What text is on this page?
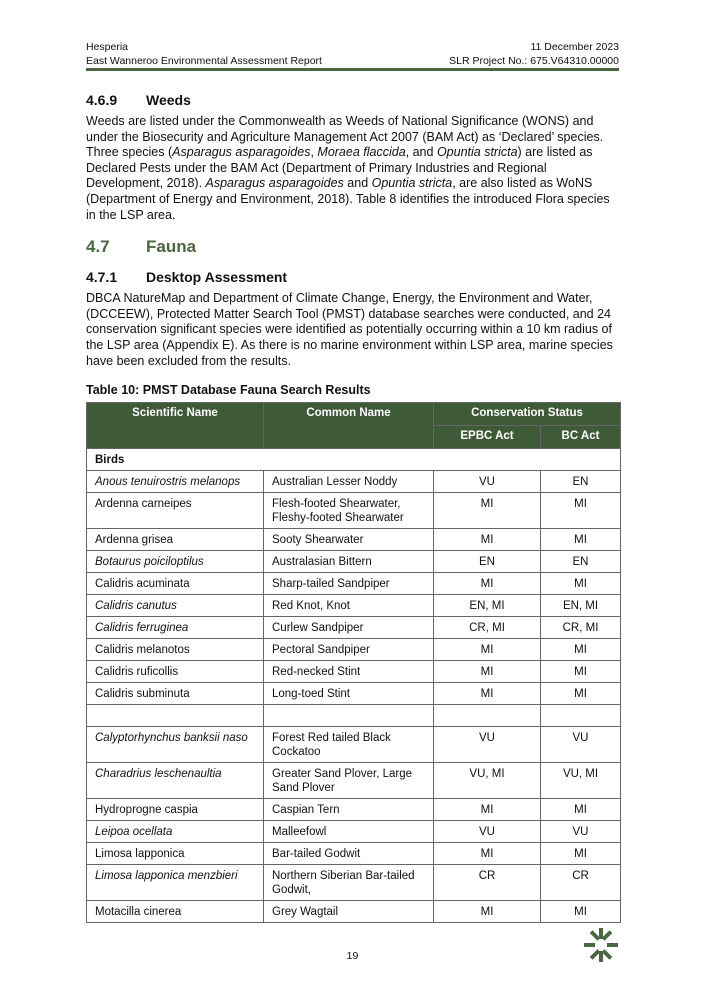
Hesperia	11 December 2023
East Wanneroo Environmental Assessment Report	SLR Project No.: 675.V64310.00000
4.6.9	Weeds

Weeds are listed under the Commonwealth as Weeds of National Significance (WONS) and under the Biosecurity and Agriculture Management Act 2007 (BAM Act) as ‘Declared’ species. Three species (Asparagus asparagoides, Moraea flaccida, and Opuntia stricta) are listed as Declared Pests under the BAM Act (Department of Primary Industries and Regional Development, 2018). Asparagus asparagoides and Opuntia stricta, are also listed as WoNS (Department of Energy and Environment, 2018). Table 8 identifies the introduced Flora species in the LSP area.

4.7	Fauna
4.7.1	Desktop Assessment

DBCA NatureMap and Department of Climate Change, Energy, the Environment and Water, (DCCEEW), Protected Matter Search Tool (PMST) database searches were conducted, and 24 conservation significant species were identified as potentially occurring within a 10 km radius of the LSP area (Appendix E). As there is no marine environment within LSP area, marine species have been excluded from the results.

Table 10: PMST Database Fauna Search Results
Scientific Name	Common Name	Conservation Status	
		EPBC Act	BC Act
Birds			
Anous tenuirostris melanops	Australian Lesser Noddy	VU	EN
Ardenna carneipes	Flesh-footed Shearwater, Fleshy-footed Shearwater	MI	MI
Ardenna grisea	Sooty Shearwater	MI	MI
Botaurus poiciloptilus	Australasian Bittern	EN	EN
Calidris acuminata	Sharp-tailed Sandpiper	MI	MI
Calidris canutus	Red Knot, Knot	EN, MI	EN, MI
Calidris ferruginea	Curlew Sandpiper	CR, MI	CR, MI
Calidris melanotos	Pectoral Sandpiper	MI	MI
Calidris ruficollis	Red-necked Stint	MI	MI
Calidris subminuta	Long-toed Stint	MI	MI

Calyptorhynchus banksii naso	Forest Red tailed Black Cockatoo	VU	VU
Charadrius leschenaultia	Greater Sand Plover, Large Sand Plover	VU, MI	VU, MI
Hydroprogne caspia	Caspian Tern	MI	MI
Leipoa ocellata	Malleefowl	VU	VU
Limosa lapponica	Bar-tailed Godwit	MI	MI
Limosa lapponica menzbieri	Northern Siberian Bar-tailed Godwit,	CR	CR
Motacilla cinerea	Grey Wagtail	MI	MI
19
